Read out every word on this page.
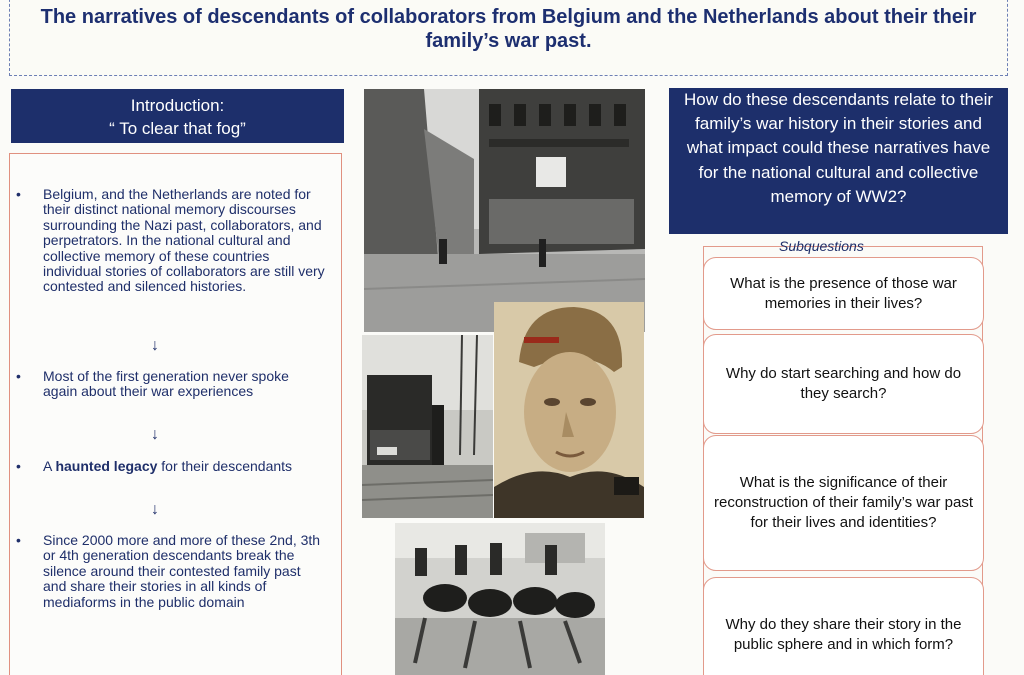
The narratives of descendants of collaborators from Belgium and the Netherlands about their their family’s war past.
Introduction:
“ To clear that fog”
• Belgium, and the Netherlands are noted for their distinct national memory discourses surrounding the Nazi past, collaborators, and perpetrators. In the national cultural and collective memory of these countries individual stories of collaborators are still very contested and silenced histories.
↓
• Most of the first generation never spoke again about their war experiences
↓
• A haunted legacy for their descendants
↓
• Since 2000 more and more of these 2nd, 3th or 4th generation descendants break the silence around their contested family past and share their stories in all kinds of mediaforms in the public domain
How do these descendants relate to their family’s war history in their stories and what impact could these narratives have for the national cultural and collective memory of WW2?
Subquestions
What is the presence of those war memories in their lives?
Why do start searching and how do they search?
What is the significance of their reconstruction of their family’s war past for their lives and identities?
Why do they share their story in the public sphere and in which form?
